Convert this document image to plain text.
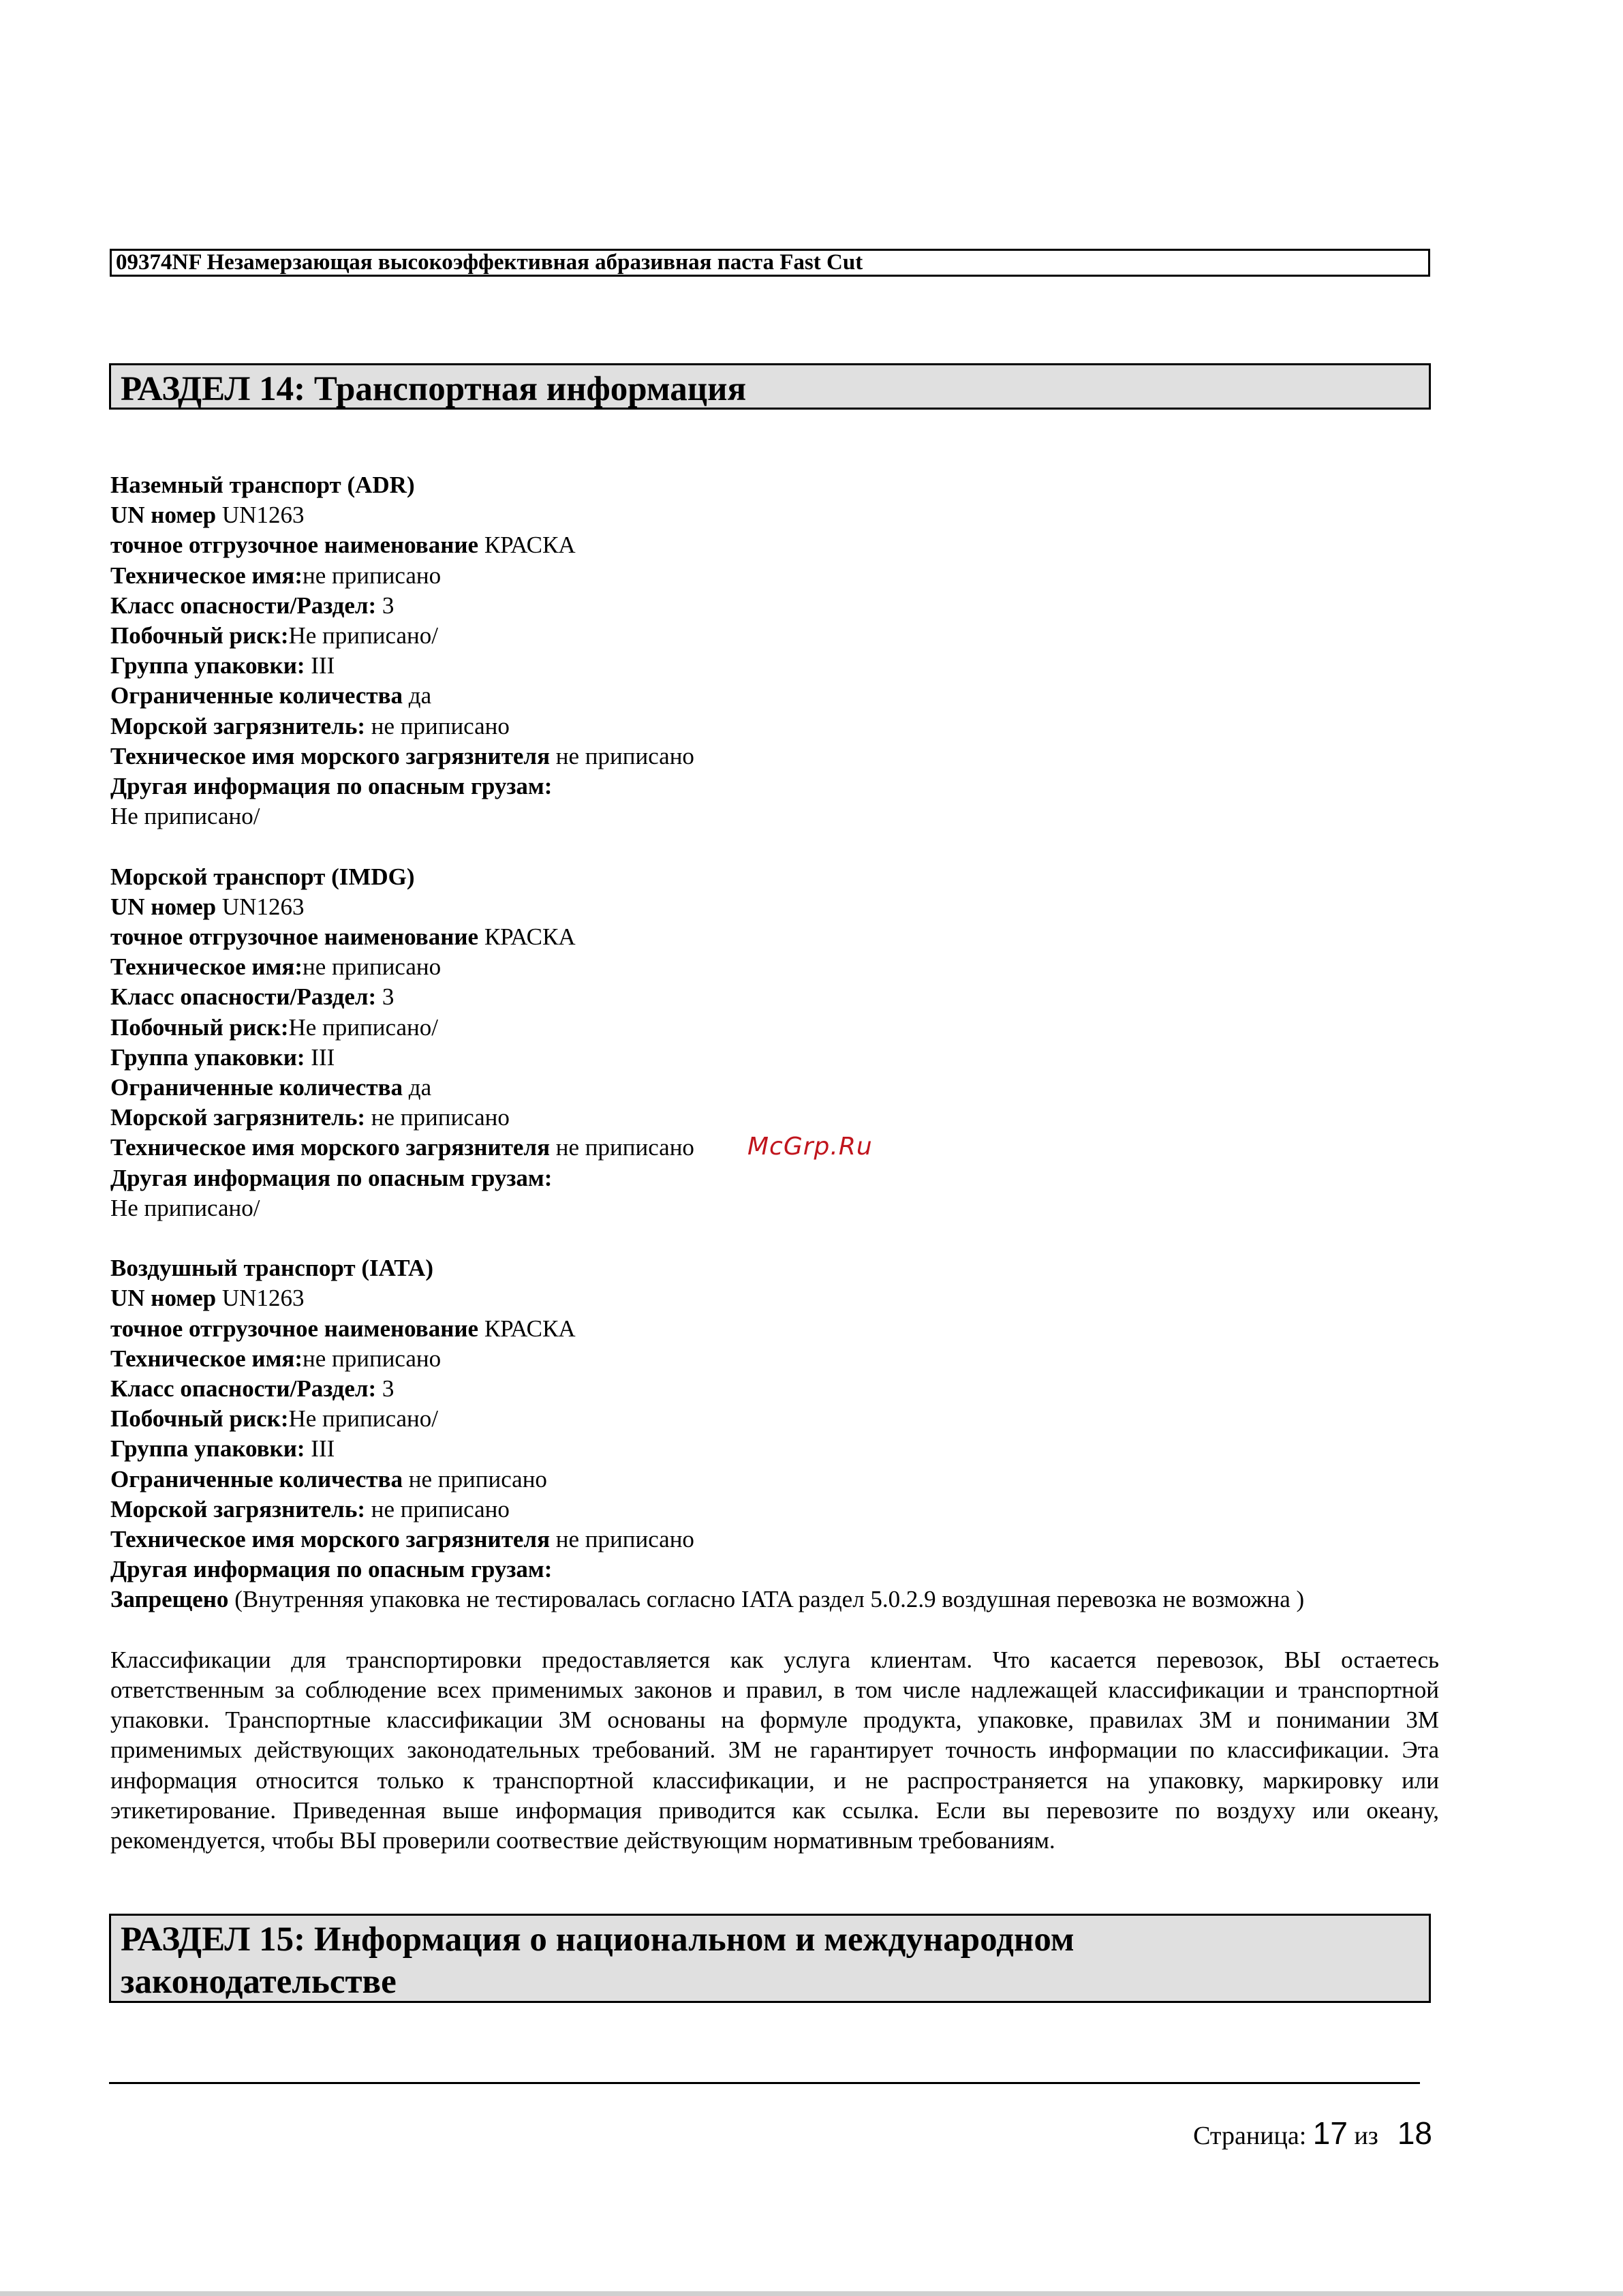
09374NF Незамерзающая высокоэффективная абразивная паста Fast Cut
РАЗДЕЛ 14: Транспортная информация
Наземный транспорт (ADR)
UN номер UN1263
точное отгрузочное наименование КРАСКА
Техническое имя:не приписано
Класс опасности/Раздел: 3
Побочный риск:Не приписано/
Группа упаковки: III
Ограниченные количества да
Морской загрязнитель: не приписано
Техническое имя морского загрязнителя не приписано
Другая информация по опасным грузам:
Не приписано/
Морской транспорт (IMDG)
UN номер UN1263
точное отгрузочное наименование КРАСКА
Техническое имя:не приписано
Класс опасности/Раздел: 3
Побочный риск:Не приписано/
Группа упаковки: III
Ограниченные количества да
Морской загрязнитель: не приписано
Техническое имя морского загрязнителя не приписано
Другая информация по опасным грузам:
Не приписано/
Воздушный транспорт (IATA)
UN номер UN1263
точное отгрузочное наименование КРАСКА
Техническое имя:не приписано
Класс опасности/Раздел: 3
Побочный риск:Не приписано/
Группа упаковки: III
Ограниченные количества не приписано
Морской загрязнитель: не приписано
Техническое имя морского загрязнителя не приписано
Другая информация по опасным грузам:
Запрещено (Внутренняя упаковка не тестировалась согласно IATA раздел 5.0.2.9 воздушная перевозка не возможна )
Классификации для транспортировки предоставляется как услуга клиентам. Что касается перевозок, ВЫ остаетесь ответственным за соблюдение всех применимых законов и правил, в том числе надлежащей классификации и транспортной упаковки. Транспортные классификации 3М основаны на формуле продукта, упаковке, правилах 3М и понимании 3М применимых действующих законодательных требований. 3М не гарантирует точность информации по классификации. Эта информация относится только к транспортной классификации, и не распространяется на упаковку, маркировку или этикетирование. Приведенная выше информация приводится как ссылка. Если вы перевозите по воздуху или океану, рекомендуется, чтобы ВЫ проверили соотвествие действующим нормативным требованиям.
McGrp.Ru
РАЗДЕЛ 15: Информация о национальном и международном
законодательстве
Страница: 17 из 18
